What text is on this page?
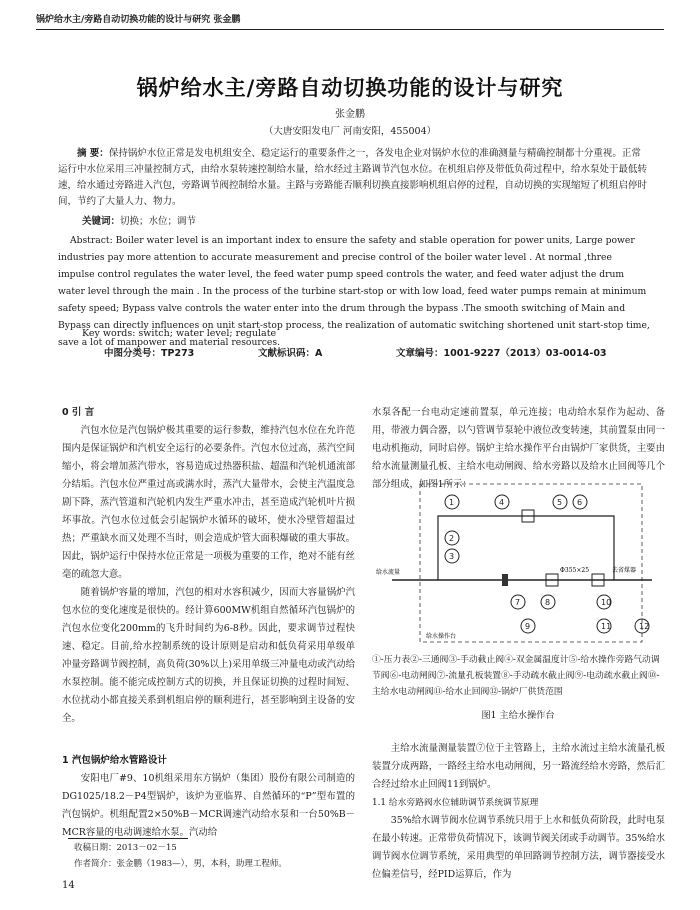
锅炉给水主/旁路自动切换功能的设计与研究 张金鹏
锅炉给水主/旁路自动切换功能的设计与研究
张金鹏
（大唐安阳发电厂 河南安阳，455004）
摘 要：保持锅炉水位正常是发电机组安全、稳定运行的重要条件之一，各发电企业对锅炉水位的准确测量与精确控制都十分重视。正常运行中水位采用三冲量控制方式，由给水泵转速控制给水量，给水经过主路调节汽包水位。在机组启停及带低负荷过程中，给水泵处于最低转速，给水通过旁路进入汽包，旁路调节阀控制给水量。主路与旁路能否顺利切换直接影响机组启停的过程，自动切换的实现缩短了机组启停时间，节约了大量人力、物力。
关键词：切换；水位；调节
Abstract: Boiler water level is an important index to ensure the safety and stable operation for power units, Large power industries pay more attention to accurate measurement and precise control of the boiler water level . At normal ,three impulse control regulates the water level, the feed water pump speed controls the water, and feed water adjust the drum water level through the main . In the process of the turbine start-stop or with low load, feed water pumps remain at minimum safety speed; Bypass valve controls the water enter into the drum through the bypass .The smooth switching of Main and Bypass can directly influences on unit start-stop process, the realization of automatic switching shortened unit start-stop time, save a lot of manpower and material resources.
Key words: switch; water level; regulate
中图分类号：TP273	文献标识码：A	文章编号：1001-9227（2013）03-0014-03
0 引 言

汽包水位是汽包锅炉极其重要的运行参数，维持汽包水位在允许范围内是保证锅炉和汽机安全运行的必要条件。汽包水位过高，蒸汽空间缩小，将会增加蒸汽带水，容易造成过热器积盐、超温和汽轮机通流部分结垢。汽包水位严重过高或满水时，蒸汽大量带水，会使主汽温度急剧下降，蒸汽管道和汽轮机内发生严重水冲击，甚至造成汽轮机叶片损坏事故。汽包水位过低会引起锅炉水循环的破坏，使水冷壁管超温过热；严重缺水而又处理不当时，则会造成炉管大面积爆破的重大事故。因此，锅炉运行中保持水位正常是一项极为重要的工作，绝对不能有丝毫的疏忽大意。

随着锅炉容量的增加，汽包的相对水容积减少，因而大容量锅炉汽包水位的变化速度是很快的。经计算600MW机组自然循环汽包锅炉的汽包水位变化200mm的飞升时间约为6-8秒。因此，要求调节过程快速、稳定。目前,给水控制系统的设计原则是启动和低负荷采用单级单冲量旁路调节阀控制，高负荷(30%以上)采用单级三冲量电动或汽动给水泵控制。能不能完成控制方式的切换，并且保证切换的过程时间短、水位扰动小都直接关系到机组启停的顺利进行，甚至影响到主设备的安全。

1 汽包锅炉给水管路设计

安阳电厂#9、10机组采用东方锅炉（集团）股份有限公司制造的DG1025/18.2－P4型锅炉，该炉为亚临界、自然循环的“P”型布置的汽包锅炉。机组配置2×50%B－MCR调速汽动给水泵和一台50%B－MCR容量的电动调速给水泵。汽动给

水泵各配一台电动定速前置泵，单元连接；电动给水泵作为起动、备用，带液力偶合器，以勺管调节泵轮中液位改变转速，其前置泵由同一电动机拖动，同时启停。锅炉主给水操作平台由锅炉厂家供货，主要由给水流量测量孔板、主给水电动闸阀、给水旁路以及给水止回阀等几个部分组成，如图1所示：

1	4	5 6
2
3
7	8
9
10
11	12
给水流量	Φ355×25	去省煤器
给水操作台
①-压力表②-三通阀③-手动截止阀④-双金属温度计⑤-给水操作旁路气动调节阀⑥-电动闸阀⑦-流量孔板装置⑧-手动疏水截止阀⑨-电动疏水截止阀⑩-主给水电动闸阀⑪-给水止回阀⑫-锅炉厂供货范围
图1 主给水操作台

主给水流量测量装置⑦位于主管路上，主给水流过主给水流量孔板装置分成两路，一路经主给水电动闸阀，另一路流经给水旁路，然后汇合经过给水止回阀11到锅炉。

1.1 给水旁路阀水位辅助调节系统调节原理

35%给水调节阀水位调节系统只用于上水和低负荷阶段，此时电泵在最小转速。正常带负荷情况下，该调节阀关闭或手动调节。35%给水调节阀水位调节系统，采用典型的单回路调节控制方法，调节器接受水位偏差信号，经PID运算后，作为

收稿日期：2013－02－15
作者简介：张金鹏（1983—），男，本科，助理工程师。
14
